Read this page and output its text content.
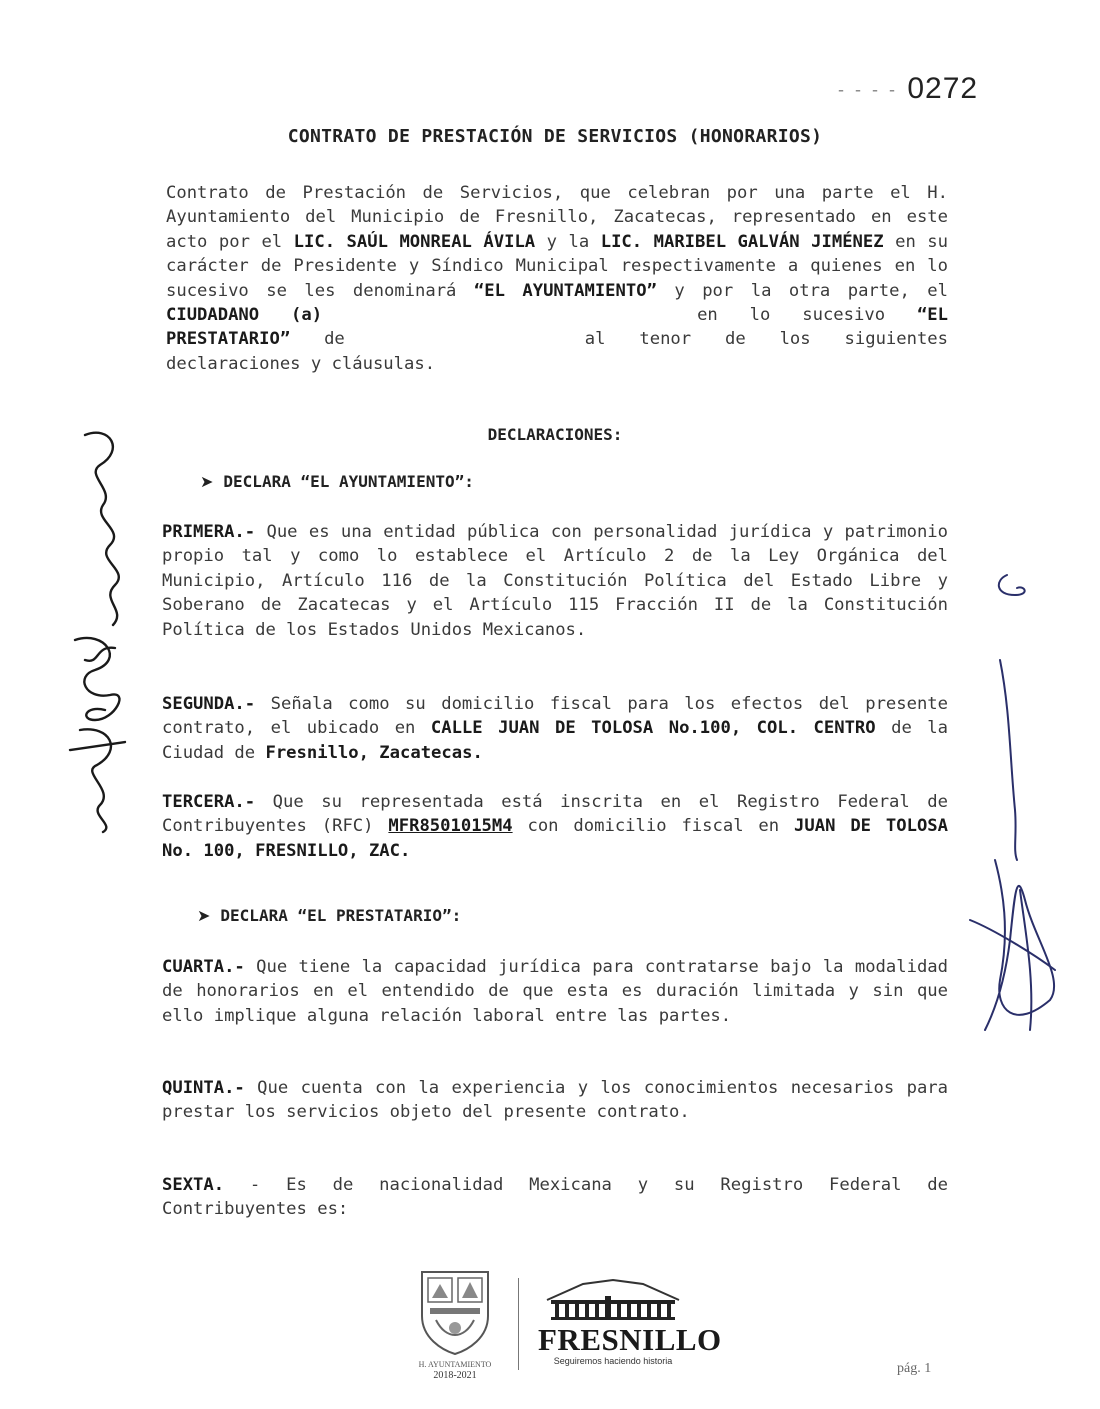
- - - - 0272
CONTRATO DE PRESTACIÓN DE SERVICIOS (HONORARIOS)
Contrato de Prestación de Servicios, que celebran por una parte el H. Ayuntamiento del Municipio de Fresnillo, Zacatecas, representado en este acto por el LIC. SAÚL MONREAL ÁVILA y la LIC. MARIBEL GALVÁN JIMÉNEZ en su carácter de Presidente y Síndico Municipal respectivamente a quienes en lo sucesivo se les denominará “EL AYUNTAMIENTO” y por la otra parte, el CIUDADANO (a)	en lo sucesivo “EL PRESTATARIO” de	al tenor de los siguientes declaraciones y cláusulas.
DECLARACIONES:
➤ DECLARA “EL AYUNTAMIENTO”:
PRIMERA.- Que es una entidad pública con personalidad jurídica y patrimonio propio tal y como lo establece el Artículo 2 de la Ley Orgánica del Municipio, Artículo 116 de la Constitución Política del Estado Libre y Soberano de Zacatecas y el Artículo 115 Fracción II de la Constitución Política de los Estados Unidos Mexicanos.
SEGUNDA.- Señala como su domicilio fiscal para los efectos del presente contrato, el ubicado en CALLE JUAN DE TOLOSA No.100, COL. CENTRO de la Ciudad de Fresnillo, Zacatecas.
TERCERA.- Que su representada está inscrita en el Registro Federal de Contribuyentes (RFC) MFR8501015M4 con domicilio fiscal en JUAN DE TOLOSA No. 100, FRESNILLO, ZAC.
➤ DECLARA “EL PRESTATARIO”:
CUARTA.- Que tiene la capacidad jurídica para contratarse bajo la modalidad de honorarios en el entendido de que esta es duración limitada y sin que ello implique alguna relación laboral entre las partes.
QUINTA.- Que cuenta con la experiencia y los conocimientos necesarios para prestar los servicios objeto del presente contrato.
SEXTA. - Es de nacionalidad Mexicana y su Registro Federal de Contribuyentes es:
H. AYUNTAMIENTO
2018-2021
FRESNILLO
Seguiremos haciendo historia	pág. 1
